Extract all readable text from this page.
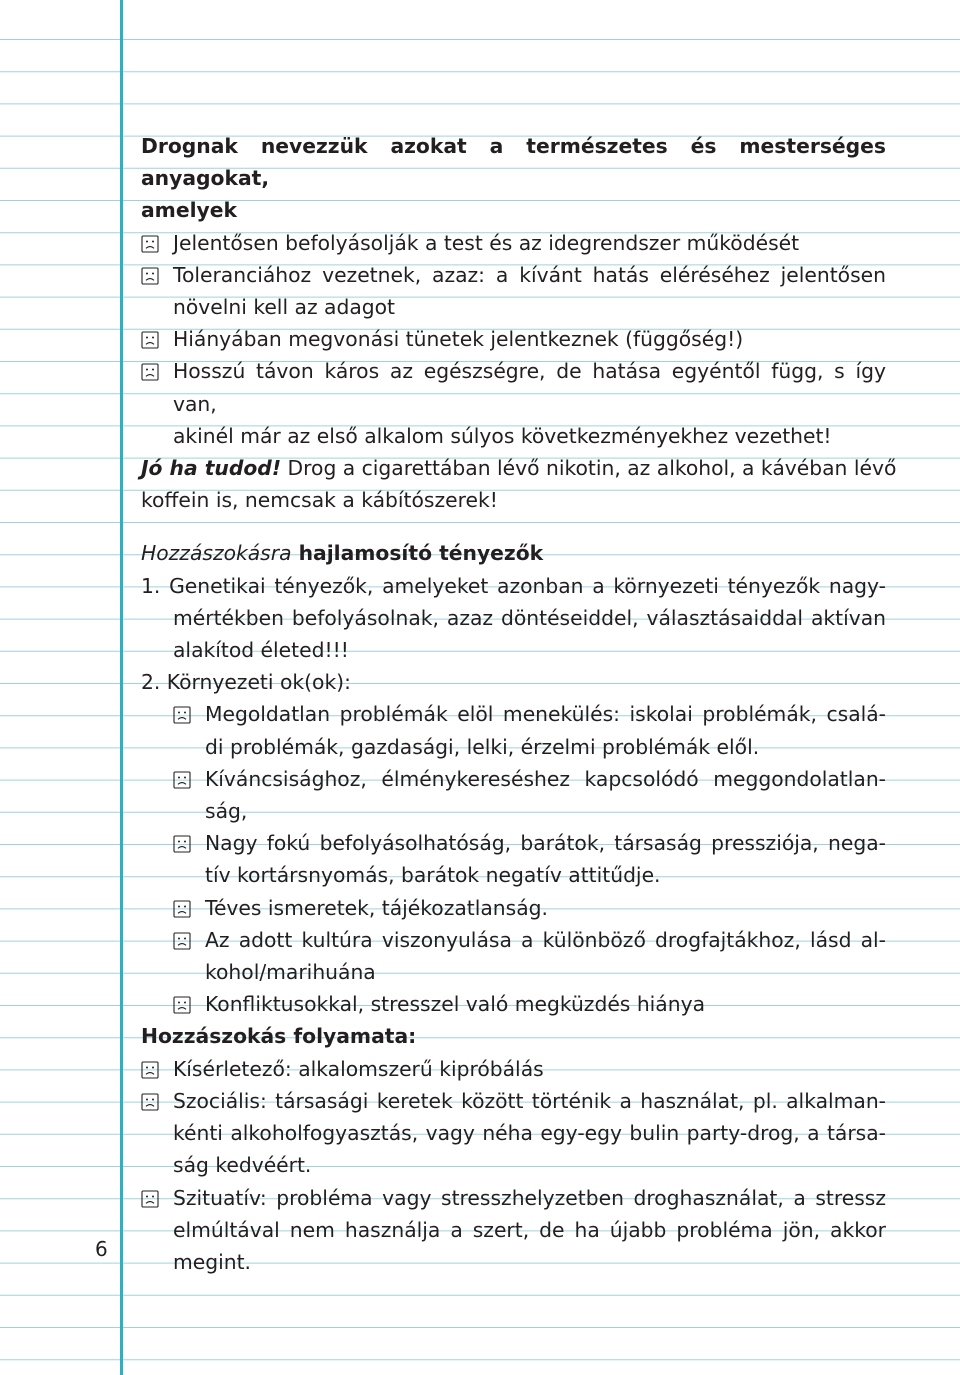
6
Drognak nevezzük azokat a természetes és mesterséges anyagokat,
amelyek
Jelentősen befolyásolják a test és az idegrendszer működését
Toleranciához vezetnek, azaz: a kívánt hatás eléréséhez jelentősen
növelni kell az adagot
Hiányában megvonási tünetek jelentkeznek (függőség!)
Hosszú távon káros az egészségre, de hatása egyéntől függ, s így van,
akinél már az első alkalom súlyos következményekhez vezethet!
Jó ha tudod! Drog a cigarettában lévő nikotin, az alkohol, a kávéban lévő
koffein is, nemcsak a kábítószerek!
Hozzászokásra hajlamosító tényezők
1. Genetikai tényezők, amelyeket azonban a környezeti tényezők nagy-
mértékben befolyásolnak, azaz döntéseiddel, választásaiddal aktívan
alakítod életed!!!
2. Környezeti ok(ok):
Megoldatlan problémák elöl menekülés: iskolai problémák, csalá-
di problémák, gazdasági, lelki, érzelmi problémák elől.
Kíváncsisághoz, élménykereséshez kapcsolódó meggondolatlan-
ság,
Nagy fokú befolyásolhatóság, barátok, társaság pressziója, nega-
tív kortársnyomás, barátok negatív attitűdje.
Téves ismeretek, tájékozatlanság.
Az adott kultúra viszonyulása a különböző drogfajtákhoz, lásd al-
kohol/marihuána
Konfliktusokkal, stresszel való megküzdés hiánya
Hozzászokás folyamata:
Kísérletező: alkalomszerű kipróbálás
Szociális: társasági keretek között történik a használat, pl. alkalman-
kénti alkoholfogyasztás, vagy néha egy-egy bulin party-drog, a társa-
ság kedvéért.
Szituatív: probléma vagy stresszhelyzetben droghasználat, a stressz
elmúltával nem használja a szert, de ha újabb probléma jön, akkor
megint.
